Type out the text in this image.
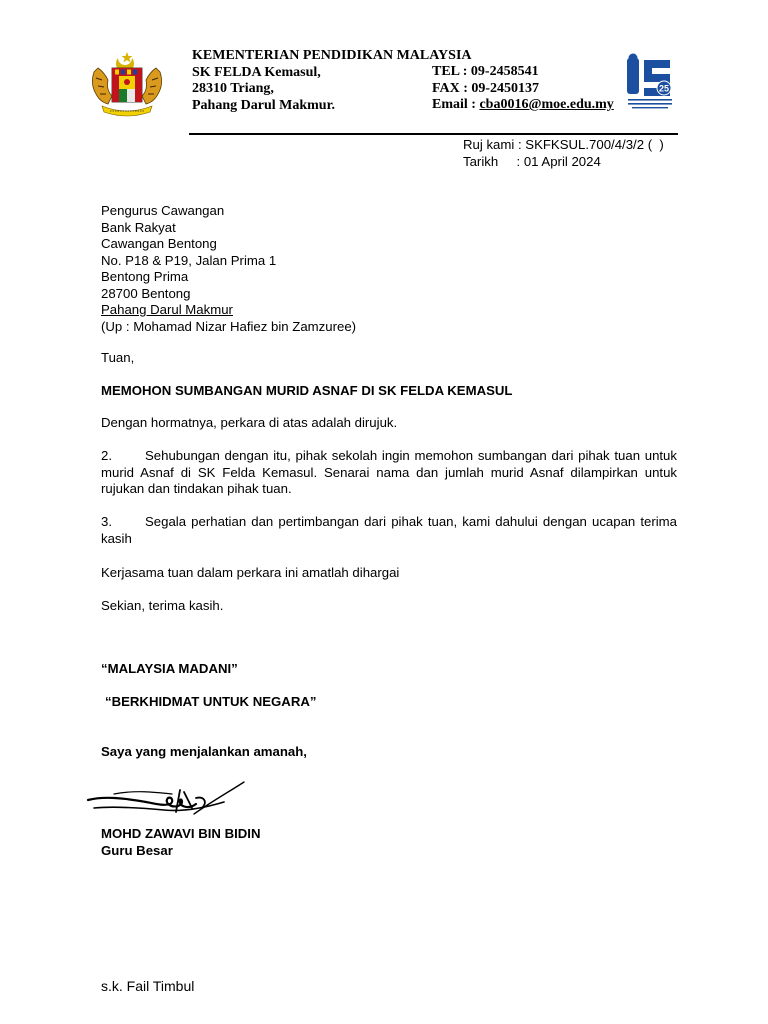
KEMENTERIAN PENDIDIKAN MALAYSIA
SK FELDA Kemasul,
28310 Triang,
Pahang Darul Makmur.
TEL : 09-2458541
FAX : 09-2450137
Email : cba0016@moe.edu.my
25
Ruj kami : SKFKSUL.700/4/3/2 (  )
Tarikh     : 01 April 2024
Pengurus Cawangan
Bank Rakyat
Cawangan Bentong
No. P18 & P19, Jalan Prima 1
Bentong Prima
28700 Bentong
Pahang Darul Makmur
(Up : Mohamad Nizar Hafiez bin Zamzuree)
Tuan,
MEMOHON SUMBANGAN MURID ASNAF DI SK FELDA KEMASUL
Dengan hormatnya, perkara di atas adalah dirujuk.
2.	Sehubungan dengan itu, pihak sekolah ingin memohon sumbangan dari pihak tuan untuk murid Asnaf di SK Felda Kemasul. Senarai nama dan jumlah murid Asnaf dilampirkan untuk rujukan dan tindakan pihak tuan.
3.	Segala perhatian dan pertimbangan dari pihak tuan, kami dahului dengan ucapan terima kasih
Kerjasama tuan dalam perkara ini amatlah dihargai
Sekian, terima kasih.
“MALAYSIA MADANI”
“BERKHIDMAT UNTUK NEGARA”
Saya yang menjalankan amanah,
MOHD ZAWAVI BIN BIDIN
Guru Besar
s.k. Fail Timbul
